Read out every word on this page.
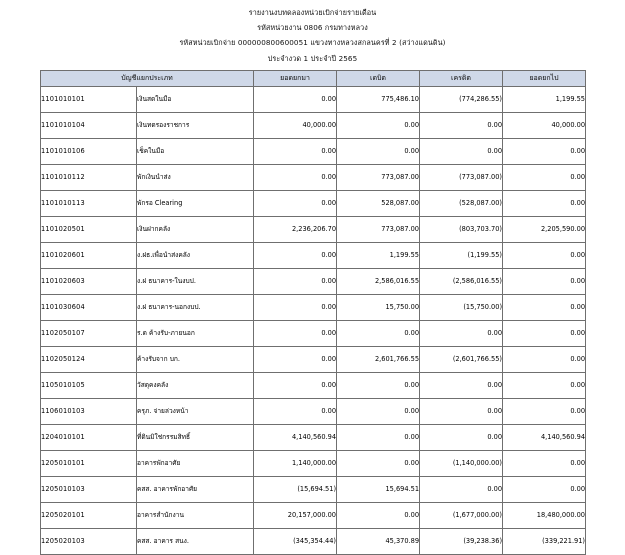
รายงานงบทดลองหน่วยเบิกจ่ายรายเดือน
รหัสหน่วยงาน 0806 กรมทางหลวง
รหัสหน่วยเบิกจ่าย 000000800600051 แขวงทางหลวงสกลนครที่ 2 (สว่างแดนดิน)
ประจำงวด 1 ประจำปี 2565
บัญชีแยกประเภท		ยอดยกมา	เดบิต	เครดิต	ยอดยกไป
1101010101	เงินสดในมือ	0.00	775,486.10	(774,286.55)	1,199.55
1101010104	เงินทดรองราชการ	40,000.00	0.00	0.00	40,000.00
1101010106	เช็คในมือ	0.00	0.00	0.00	0.00
1101010112	พักเงินนำส่ง	0.00	773,087.00	(773,087.00)	0.00
1101010113	พักรอ Clearing	0.00	528,087.00	(528,087.00)	0.00
1101020501	เงินฝากคลัง	2,236,206.70	773,087.00	(803,703.70)	2,205,590.00
1101020601	ง.ฝธ.เพื่อนำส่งคลัง	0.00	1,199.55	(1,199.55)	0.00
1101020603	ง.ฝ ธนาคาร-ในงบป.	0.00	2,586,016.55	(2,586,016.55)	0.00
1101030604	ง.ฝ ธนาคาร-นอกงบป.	0.00	15,750.00	(15,750.00)	0.00
1102050107	ร.ด ค้างรับ-ภายนอก	0.00	0.00	0.00	0.00
1102050124	ค้างรับจาก บก.	0.00	2,601,766.55	(2,601,766.55)	0.00
1105010105	วัสดุคงคลัง	0.00	0.00	0.00	0.00
1106010103	ครุภ. จ่ายล่วงหน้า	0.00	0.00	0.00	0.00
1204010101	ที่ดินมิใช่กรรมสิทธิ์	4,140,560.94	0.00	0.00	4,140,560.94
1205010101	อาคารพักอาศัย	1,140,000.00	0.00	(1,140,000.00)	0.00
1205010103	คสส. อาคารพักอาศัย	(15,694.51)	15,694.51	0.00	0.00
1205020101	อาคารสำนักงาน	20,157,000.00	0.00	(1,677,000.00)	18,480,000.00
1205020103	คสส. อาคาร สนง.	(345,354.44)	45,370.89	(39,238.36)	(339,221.91)
